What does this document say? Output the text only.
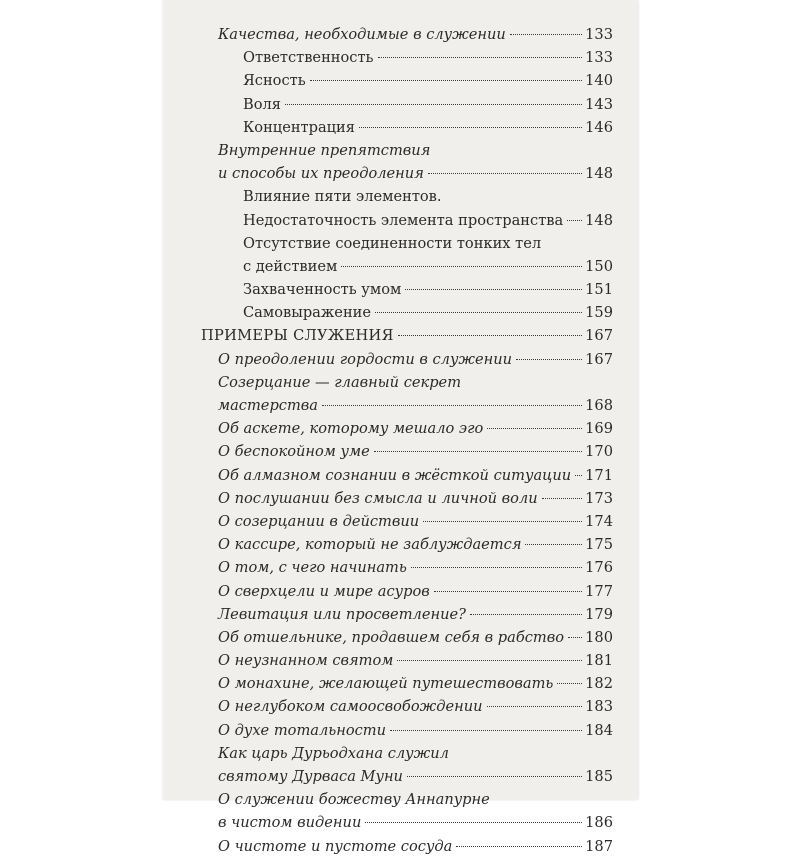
Качества, необходимые в служении	133
Ответственность	133
Ясность	140
Воля	143
Концентрация	146
Внутренние препятствия
и способы их преодоления	148
Влияние пяти элементов.
Недостаточность элемента пространства 148
Отсутствие соединенности тонких тел
с действием	150
Захваченность умом	151
Самовыражение	159
ПРИМЕРЫ СЛУЖЕНИЯ	167
О преодолении гордости в служении	167
Созерцание — главный секрет
мастерства	168
Об аскете, которому мешало эго	169
О беспокойном уме	170
Об алмазном сознании в жёсткой ситуации 171
О послушании без смысла и личной воли	173
О созерцании в действии	174
О кассире, который не заблуждается	175
О том, с чего начинать	176
О сверхцели и мире асуров	177
Левитация или просветление?	179
Об отшельнике, продавшем себя в рабство 180
О неузнанном святом	181
О монахине, желающей путешествовать 182
О неглубоком самоосвобождении	183
О духе тотальности	184
Как царь Дурьодхана служил
святому Дурваса Муни	185
О служении божеству Аннапурне
в чистом видении	186
О чистоте и пустоте сосуда	187
